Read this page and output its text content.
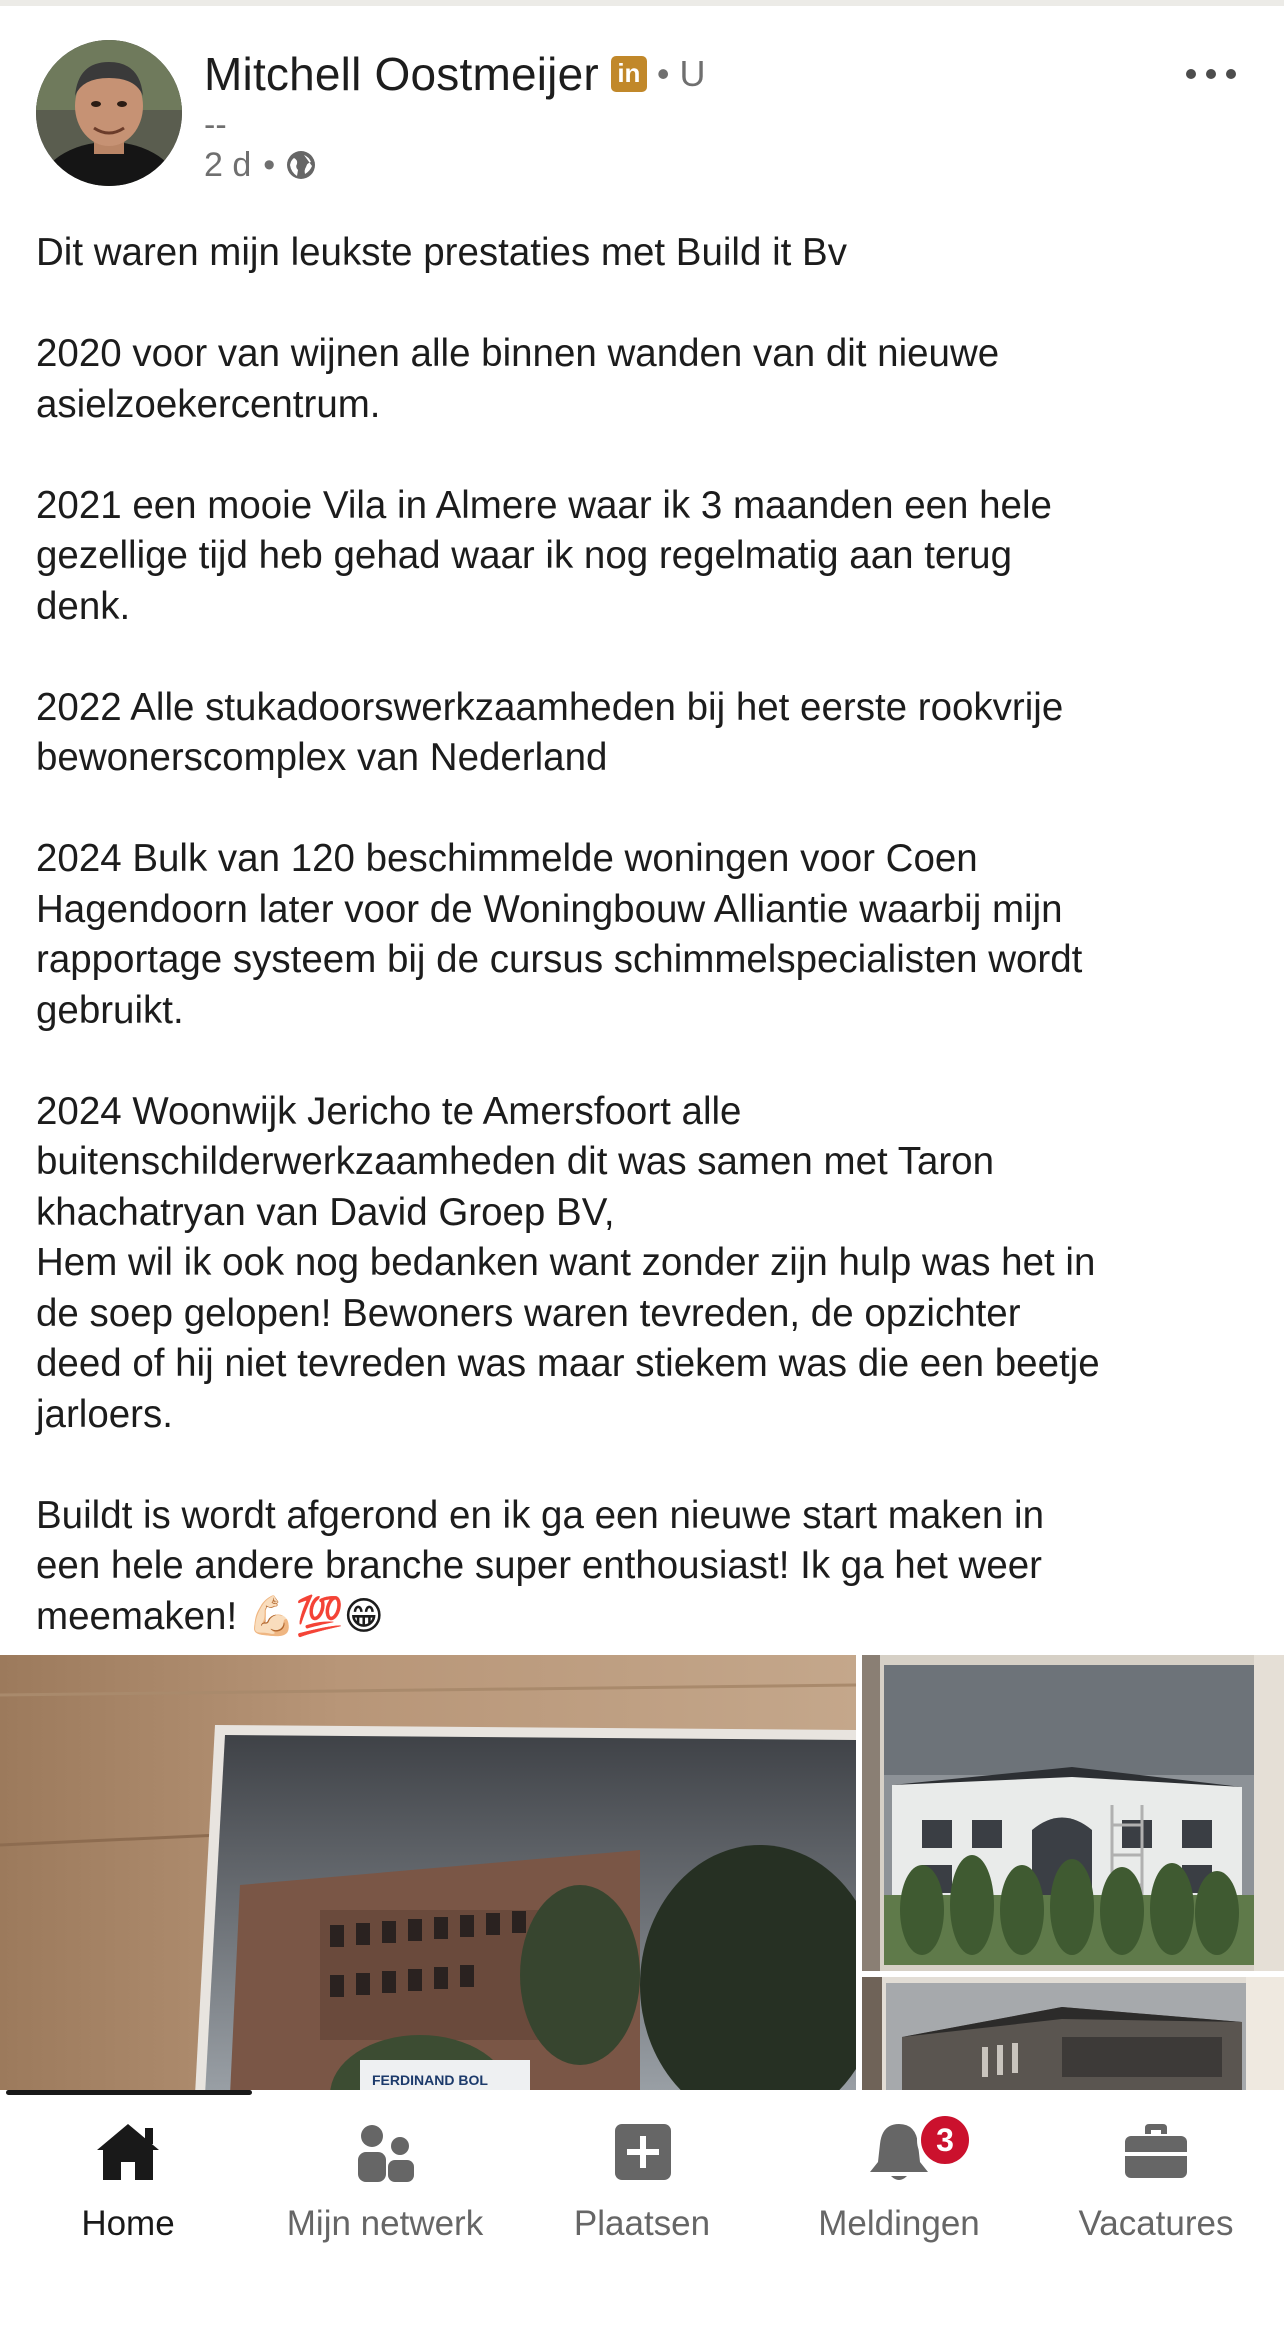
Mitchell Oostmeijer in • U
--
2 d •

Dit waren mijn leukste prestaties met Build it Bv

2020 voor van wijnen alle binnen wanden van dit nieuwe
asielzoekercentrum.

2021 een mooie Vila in Almere waar ik 3 maanden een hele
gezellige tijd heb gehad waar ik nog regelmatig aan terug
denk.

2022 Alle stukadoorswerkzaamheden bij het eerste rookvrije
bewonerscomplex van Nederland

2024 Bulk van 120 beschimmelde woningen voor Coen
Hagendoorn later voor de Woningbouw Alliantie waarbij mijn
rapportage systeem bij de cursus schimmelspecialisten wordt
gebruikt.

2024 Woonwijk Jericho te Amersfoort alle
buitenschilderwerkzaamheden dit was samen met Taron
khachatryan van David Groep BV,
Hem wil ik ook nog bedanken want zonder zijn hulp was het in
de soep gelopen! Bewoners waren tevreden, de opzichter
deed of hij niet tevreden was maar stiekem was die een beetje
jarloers.

Buildt is wordt afgerond en ik ga een nieuwe start maken in
een hele andere branche super enthousiast! Ik ga het weer
meemaken! 💪🏻💯😁

FERDINAND BOL
Home	Mijn netwerk	Plaatsen
3
Meldingen	Vacatures
